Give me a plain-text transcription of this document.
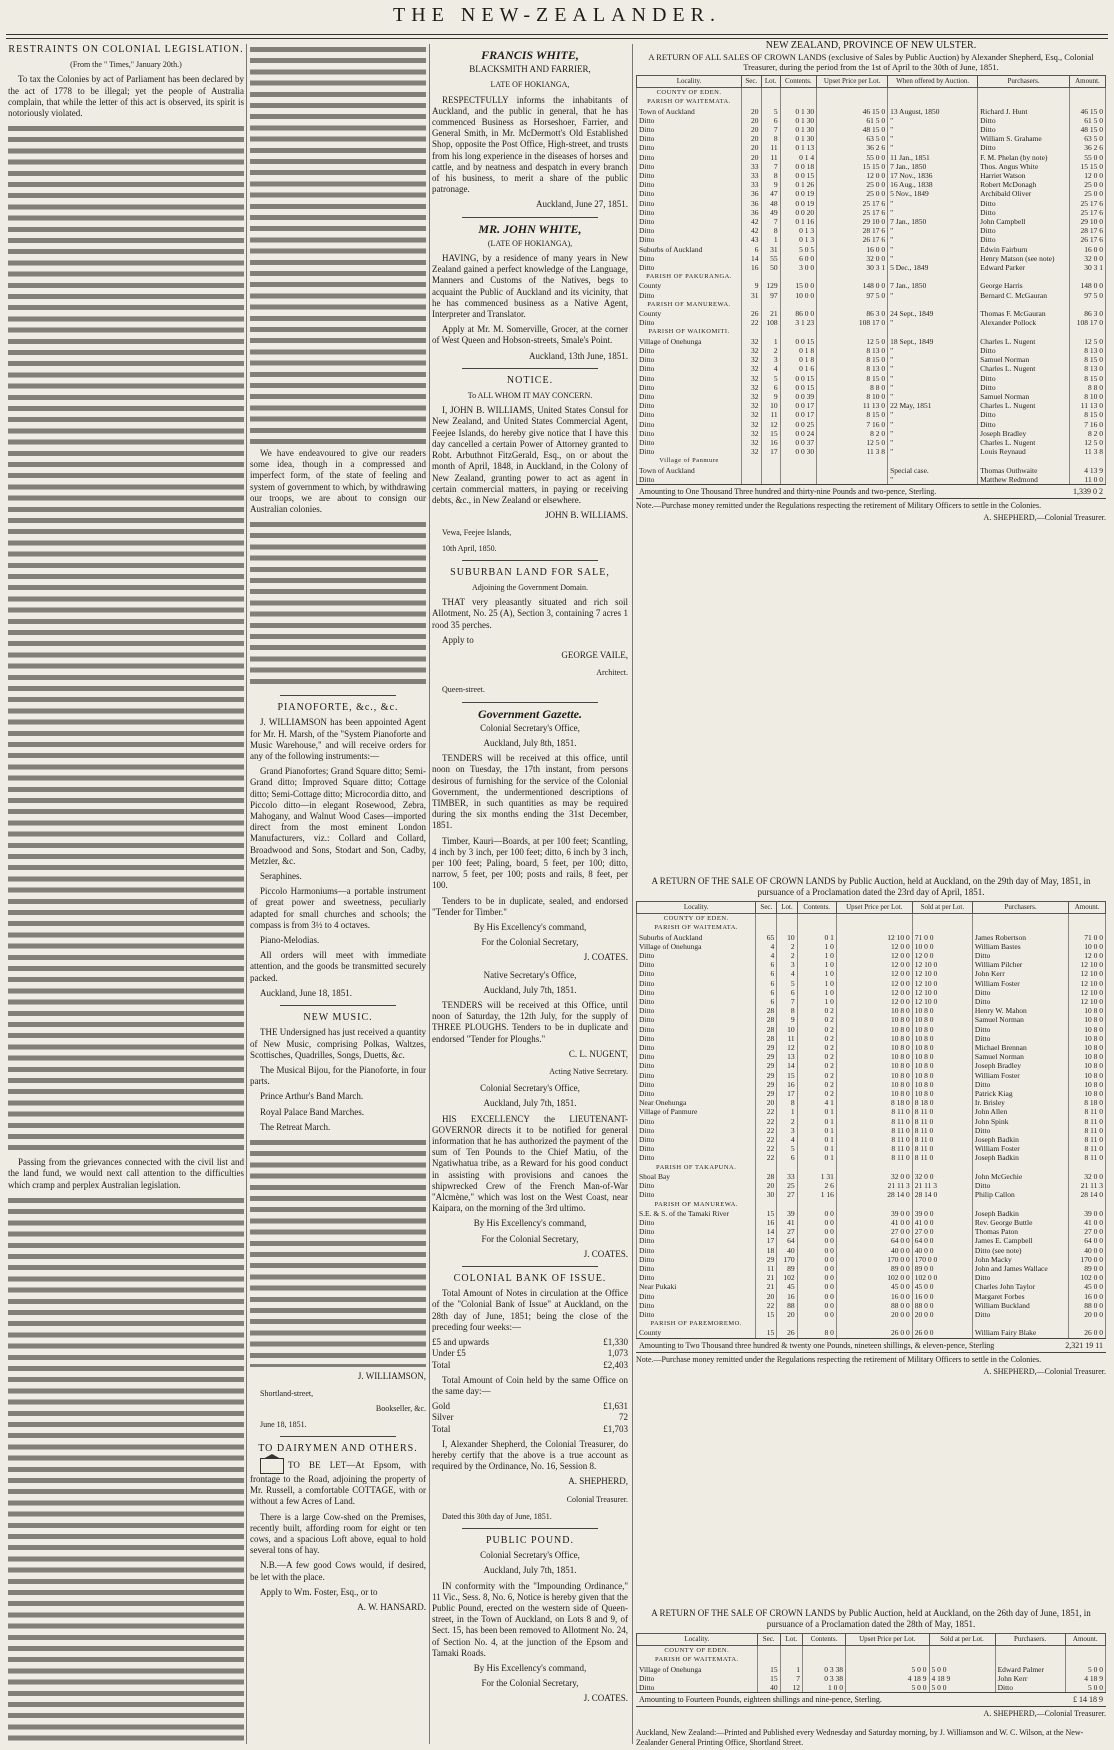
THE NEW-ZEALANDER.
RESTRAINTS ON COLONIAL LEGISLATION.

(From the " Times," January 20th.)

To tax the Colonies by act of Parliament has been declared by the act of 1778 to be illegal; yet the people of Australia complain, that while the letter of this act is observed, its spirit is notoriously violated.

Passing from the grievances connected with the civil list and the land fund, we would next call attention to the difficulties which cramp and perplex Australian legislation.

We have endeavoured to give our readers some idea, though in a compressed and imperfect form, of the state of feeling and system of government to which, by withdrawing our troops, we are about to consign our Australian colonies.

PIANOFORTE, &c., &c.

J. WILLIAMSON has been appointed Agent for Mr. H. Marsh, of the "System Pianoforte and Music Warehouse," and will receive orders for any of the following instruments:—

Grand Pianofortes; Grand Square ditto; Semi-Grand ditto; Improved Square ditto; Cottage ditto; Semi-Cottage ditto; Microcordia ditto, and Piccolo ditto—in elegant Rosewood, Zebra, Mahogany, and Walnut Wood Cases—imported direct from the most eminent London Manufacturers, viz.: Collard and Collard, Broadwood and Sons, Stodart and Son, Cadby, Metzler, &c.

Seraphines.

Piccolo Harmoniums—a portable instrument of great power and sweetness, peculiarly adapted for small churches and schools; the compass is from 3½ to 4 octaves.

Piano-Melodias.

All orders will meet with immediate attention, and the goods be transmitted securely packed.

Auckland, June 18, 1851.

NEW MUSIC.

THE Undersigned has just received a quantity of New Music, comprising Polkas, Waltzes, Scottisches, Quadrilles, Songs, Duetts, &c.

The Musical Bijou, for the Pianoforte, in four parts.

Prince Arthur's Band March.

Royal Palace Band Marches.

The Retreat March.

J. WILLIAMSON,

Shortland-street,

Bookseller, &c.

June 18, 1851.

TO DAIRYMEN AND OTHERS.

TO BE LET—At Epsom, with frontage to the Road, adjoining the property of Mr. Russell, a comfortable COTTAGE, with or without a few Acres of Land.

There is a large Cow-shed on the Premises, recently built, affording room for eight or ten cows, and a spacious Loft above, equal to hold several tons of hay.

N.B.—A few good Cows would, if desired, be let with the place.

Apply to Wm. Foster, Esq., or to

A. W. HANSARD.

FRANCIS WHITE,

BLACKSMITH AND FARRIER,

LATE OF HOKIANGA,

RESPECTFULLY informs the inhabitants of Auckland, and the public in general, that he has commenced Business as Horseshoer, Farrier, and General Smith, in Mr. McDermott's Old Established Shop, opposite the Post Office, High-street, and trusts from his long experience in the diseases of horses and cattle, and by neatness and despatch in every branch of his business, to merit a share of the public patronage.

Auckland, June 27, 1851.

MR. JOHN WHITE,

(LATE OF HOKIANGA),

HAVING, by a residence of many years in New Zealand gained a perfect knowledge of the Language, Manners and Customs of the Natives, begs to acquaint the Public of Auckland and its vicinity, that he has commenced business as a Native Agent, Interpreter and Translator.

Apply at Mr. M. Somerville, Grocer, at the corner of West Queen and Hobson-streets, Smale's Point.

Auckland, 13th June, 1851.

NOTICE.

To ALL WHOM IT MAY CONCERN.

I, JOHN B. WILLIAMS, United States Consul for New Zealand, and United States Commercial Agent, Feejee Islands, do hereby give notice that I have this day cancelled a certain Power of Attorney granted to Robt. Arbuthnot FitzGerald, Esq., on or about the month of April, 1848, in Auckland, in the Colony of New Zealand, granting power to act as agent in certain commercial matters, in paying or receiving debts, &c., in New Zealand or elsewhere.

JOHN B. WILLIAMS.

Vewa, Feejee Islands,

10th April, 1850.

SUBURBAN LAND FOR SALE,

Adjoining the Government Domain.

THAT very pleasantly situated and rich soil Allotment, No. 25 (A), Section 3, containing 7 acres 1 rood 35 perches.

Apply to

GEORGE VAILE,

Architect.

Queen-street.

Government Gazette.

Colonial Secretary's Office,

Auckland, July 8th, 1851.

TENDERS will be received at this office, until noon on Tuesday, the 17th instant, from persons desirous of furnishing for the service of the Colonial Government, the undermentioned descriptions of TIMBER, in such quantities as may be required during the six months ending the 31st December, 1851.

Timber, Kauri—Boards, at per 100 feet; Scantling, 4 inch by 3 inch, per 100 feet; ditto, 6 inch by 3 inch, per 100 feet; Paling, board, 5 feet, per 100; ditto, narrow, 5 feet, per 100; posts and rails, 8 feet, per 100.

Tenders to be in duplicate, sealed, and endorsed "Tender for Timber."

By His Excellency's command,

For the Colonial Secretary,

J. COATES.

Native Secretary's Office,

Auckland, July 7th, 1851.

TENDERS will be received at this Office, until noon of Saturday, the 12th July, for the supply of THREE PLOUGHS. Tenders to be in duplicate and endorsed "Tender for Ploughs."

C. L. NUGENT,

Acting Native Secretary.

Colonial Secretary's Office,

Auckland, July 7th, 1851.

HIS EXCELLENCY the LIEUTENANT-GOVERNOR directs it to be notified for general information that he has authorized the payment of the sum of Ten Pounds to the Chief Matiu, of the Ngatiwhatua tribe, as a Reward for his good conduct in assisting with provisions and canoes the shipwrecked Crew of the French Man-of-War "Alcmène," which was lost on the West Coast, near Kaipara, on the morning of the 3rd ultimo.

By His Excellency's command,

For the Colonial Secretary,

J. COATES.

COLONIAL BANK OF ISSUE.

Total Amount of Notes in circulation at the Office of the "Colonial Bank of Issue" at Auckland, on the 28th day of June, 1851; being the close of the preceding four weeks:—

£5 and upwards	£1,330
Under £5	1,073
Total	£2,403

Total Amount of Coin held by the same Office on the same day:—

Gold	£1,631
Silver	72
Total	£1,703

I, Alexander Shepherd, the Colonial Treasurer, do hereby certify that the above is a true account as required by the Ordinance, No. 16, Session 8.

A. SHEPHERD,

Colonial Treasurer.

Dated this 30th day of June, 1851.

PUBLIC POUND.

Colonial Secretary's Office,

Auckland, July 7th, 1851.

IN conformity with the "Impounding Ordinance," 11 Vic., Sess. 8, No. 6, Notice is hereby given that the Public Pound, erected on the western side of Queen-street, in the Town of Auckland, on Lots 8 and 9, of Sect. 15, has been been removed to Allotment No. 24, of Section No. 4, at the junction of the Epsom and Tamaki Roads.

By His Excellency's command,

For the Colonial Secretary,

J. COATES.

NEW ZEALAND, PROVINCE OF NEW ULSTER.
A RETURN OF ALL SALES OF CROWN LANDS (exclusive of Sales by Public Auction) by Alexander Shepherd, Esq., Colonial Treasurer, during the period from the 1st of April to the 30th of June, 1851.
Locality.	Sec.	Lot.	Contents.	Upset Price per Lot.	When offered by Auction.	Purchasers.	Amount.
COUNTY OF EDEN.							
PARISH OF WAITEMATA.							
Town of Auckland	20	5	0 1 30	46 15 0	13 August, 1850	Richard J. Hunt	46 15 0
Ditto	20	6	0 1 30	61 5 0	"	Ditto	61 5 0
Ditto	20	7	0 1 30	48 15 0	"	Ditto	48 15 0
Ditto	20	8	0 1 30	63 5 0	"	William S. Grahame	63 5 0
Ditto	20	11	0 1 13	36 2 6	"	Ditto	36 2 6
Ditto	20	11	0 1 4	55 0 0	11 Jan., 1851	F. M. Phelan (by note)	55 0 0
Ditto	33	7	0 0 18	15 15 0	7 Jan., 1850	Thos. Angus White	15 15 0
Ditto	33	8	0 0 15	12 0 0	17 Nov., 1836	Harriet Watson	12 0 0
Ditto	33	9	0 1 26	25 0 0	16 Aug., 1838	Robert McDonagh	25 0 0
Ditto	36	47	0 0 19	25 0 0	5 Nov., 1849	Archibald Oliver	25 0 0
Ditto	36	48	0 0 19	25 17 6	"	Ditto	25 17 6
Ditto	36	49	0 0 20	25 17 6	"	Ditto	25 17 6
Ditto	42	7	0 1 16	29 10 0	7 Jan., 1850	John Campbell	29 10 0
Ditto	42	8	0 1 3	28 17 6	"	Ditto	28 17 6
Ditto	43	1	0 1 3	26 17 6	"	Ditto	26 17 6
Suburbs of Auckland	6	31	5 0 5	16 0 0	"	Edwin Fairburn	16 0 0
Ditto	14	55	6 0 0	32 0 0	"	Henry Matson (see note)	32 0 0
Ditto	16	50	3 0 0	30 3 1	5 Dec., 1849	Edward Parker	30 3 1
PARISH OF PAKURANGA.							
County	9	129	15 0 0	148 0 0	7 Jan., 1850	George Harris	148 0 0
Ditto	31	97	10 0 0	97 5 0	"	Bernard C. McGauran	97 5 0
PARISH OF MANUREWA.							
County	26	21	86 0 0	86 3 0	24 Sept., 1849	Thomas F. McGauran	86 3 0
Ditto	22	108	3 1 23	108 17 0	"	Alexander Pollock	108 17 0
PARISH OF WAIKOMITI.							
Village of Onehunga	32	1	0 0 15	12 5 0	18 Sept., 1849	Charles L. Nugent	12 5 0
Ditto	32	2	0 1 8	8 13 0	"	Ditto	8 13 0
Ditto	32	3	0 1 8	8 15 0	"	Samuel Norman	8 15 0
Ditto	32	4	0 1 6	8 13 0	"	Charles L. Nugent	8 13 0
Ditto	32	5	0 0 15	8 15 0	"	Ditto	8 15 0
Ditto	32	6	0 0 15	8 8 0	"	Ditto	8 8 0
Ditto	32	9	0 0 39	8 10 0	"	Samuel Norman	8 10 0
Ditto	32	10	0 0 17	11 13 0	22 May, 1851	Charles L. Nugent	11 13 0
Ditto	32	11	0 0 17	8 15 0	"	Ditto	8 15 0
Ditto	32	12	0 0 25	7 16 0	"	Ditto	7 16 0
Ditto	32	15	0 0 24	8 2 0	"	Joseph Bradley	8 2 0
Ditto	32	16	0 0 37	12 5 0	"	Charles L. Nugent	12 5 0
Ditto	32	17	0 0 30	11 3 8	"	Louis Reynaud	11 3 8
Village of Panmure							
Town of Auckland					Special case.	Thomas Outhwaite	4 13 9
Ditto					"	Matthew Redmond	11 0 0
Amounting to One Thousand Three hundred and thirty-nine Pounds and two-pence, Sterling.	1,339 0 2
Note.—Purchase money remitted under the Regulations respecting the retirement of Military Officers to settle in the Colonies.
A. SHEPHERD,—Colonial Treasurer.
A RETURN OF THE SALE OF CROWN LANDS by Public Auction, held at Auckland, on the 29th day of May, 1851, in pursuance of a Proclamation dated the 23rd day of April, 1851.
Locality.	Sec.	Lot.	Contents.	Upset Price per Lot.	Sold at per Lot.	Purchasers.	Amount.
COUNTY OF EDEN.							
PARISH OF WAITEMATA.							
Suburbs of Auckland	65	10	0 1	12 10 0	71 0 0	James Robertson	71 0 0
Village of Onehunga	4	2	1 0	12 0 0	10 0 0	William Bastes	10 0 0
Ditto	4	2	1 0	12 0 0	12 0 0	Ditto	12 0 0
Ditto	6	3	1 0	12 0 0	12 10 0	William Pilcher	12 10 0
Ditto	6	4	1 0	12 0 0	12 10 0	John Kerr	12 10 0
Ditto	6	5	1 0	12 0 0	12 10 0	William Foster	12 10 0
Ditto	6	6	1 0	12 0 0	12 10 0	Ditto	12 10 0
Ditto	6	7	1 0	12 0 0	12 10 0	Ditto	12 10 0
Ditto	28	8	0 2	10 8 0	10 8 0	Henry W. Mahon	10 8 0
Ditto	28	9	0 2	10 8 0	10 8 0	Samuel Norman	10 8 0
Ditto	28	10	0 2	10 8 0	10 8 0	Ditto	10 8 0
Ditto	28	11	0 2	10 8 0	10 8 0	Ditto	10 8 0
Ditto	29	12	0 2	10 8 0	10 8 0	Michael Brennan	10 8 0
Ditto	29	13	0 2	10 8 0	10 8 0	Samuel Norman	10 8 0
Ditto	29	14	0 2	10 8 0	10 8 0	Joseph Bradley	10 8 0
Ditto	29	15	0 2	10 8 0	10 8 0	William Foster	10 8 0
Ditto	29	16	0 2	10 8 0	10 8 0	Ditto	10 8 0
Ditto	29	17	0 2	10 8 0	10 8 0	Patrick Kiag	10 8 0
Near Onehunga	20	8	4 1	8 18 0	8 18 0	Ir. Brisley	8 18 0
Village of Panmure	22	1	0 1	8 11 0	8 11 0	John Allen	8 11 0
Ditto	22	2	0 1	8 11 0	8 11 0	John Spink	8 11 0
Ditto	22	3	0 1	8 11 0	8 11 0	Ditto	8 11 0
Ditto	22	4	0 1	8 11 0	8 11 0	Joseph Badkin	8 11 0
Ditto	22	5	0 1	8 11 0	8 11 0	William Foster	8 11 0
Ditto	22	6	0 1	8 11 0	8 11 0	Joseph Badkin	8 11 0
PARISH OF TAKAPUNA.							
Shoal Bay	28	33	1 31	32 0 0	32 0 0	John McGechie	32 0 0
Ditto	20	25	2 6	21 11 3	21 11 3	Ditto	21 11 3
Ditto	30	27	1 16	28 14 0	28 14 0	Philip Callon	28 14 0
PARISH OF MANUREWA.							
S.E. & S. of the Tamaki River	15	39	0 0	39 0 0	39 0 0	Joseph Badkin	39 0 0
Ditto	16	41	0 0	41 0 0	41 0 0	Rev. George Buttle	41 0 0
Ditto	14	27	0 0	27 0 0	27 0 0	Thomas Paton	27 0 0
Ditto	17	64	0 0	64 0 0	64 0 0	James E. Campbell	64 0 0
Ditto	18	40	0 0	40 0 0	40 0 0	Ditto (see note)	40 0 0
Ditto	29	170	0 0	170 0 0	170 0 0	John Macky	170 0 0
Ditto	11	89	0 0	89 0 0	89 0 0	John and James Wallace	89 0 0
Ditto	21	102	0 0	102 0 0	102 0 0	Ditto	102 0 0
Near Pukaki	21	45	0 0	45 0 0	45 0 0	Charles John Taylor	45 0 0
Ditto	20	16	0 0	16 0 0	16 0 0	Margaret Forbes	16 0 0
Ditto	22	88	0 0	88 0 0	88 0 0	William Buckland	88 0 0
Ditto	15	20	0 0	20 0 0	20 0 0	Ditto	20 0 0
PARISH OF PAREMOREMO.							
County	15	26	8 0	26 0 0	26 0 0	William Fairy Blake	26 0 0
Amounting to Two Thousand three hundred & twenty one Pounds, nineteen shillings, & eleven-pence, Sterling	2,321 19 11
Note.—Purchase money remitted under the Regulations respecting the retirement of Military Officers to settle in the Colonies.
A. SHEPHERD,—Colonial Treasurer.
A RETURN OF THE SALE OF CROWN LANDS by Public Auction, held at Auckland, on the 26th day of June, 1851, in pursuance of a Proclamation dated the 28th of May, 1851.
Locality.	Sec.	Lot.	Contents.	Upset Price per Lot.	Sold at per Lot.	Purchasers.	Amount.
COUNTY OF EDEN.							
PARISH OF WAITEMATA.							
Village of Onehunga	15	1	0 3 38	5 0 0	5 0 0	Edward Palmer	5 0 0
Ditto	15	7	0 3 38	4 18 9	4 18 9	John Kerr	4 18 9
Ditto	40	12	1 0 0	5 0 0	5 0 0	Ditto	5 0 0
Amounting to Fourteen Pounds, eighteen shillings and nine-pence, Sterling.	£ 14 18 9
A. SHEPHERD,—Colonial Treasurer.
Auckland, New Zealand:—Printed and Published every Wednesday and Saturday morning, by J. Williamson and W. C. Wilson, at the New-Zealander General Printing Office, Shortland Street.
